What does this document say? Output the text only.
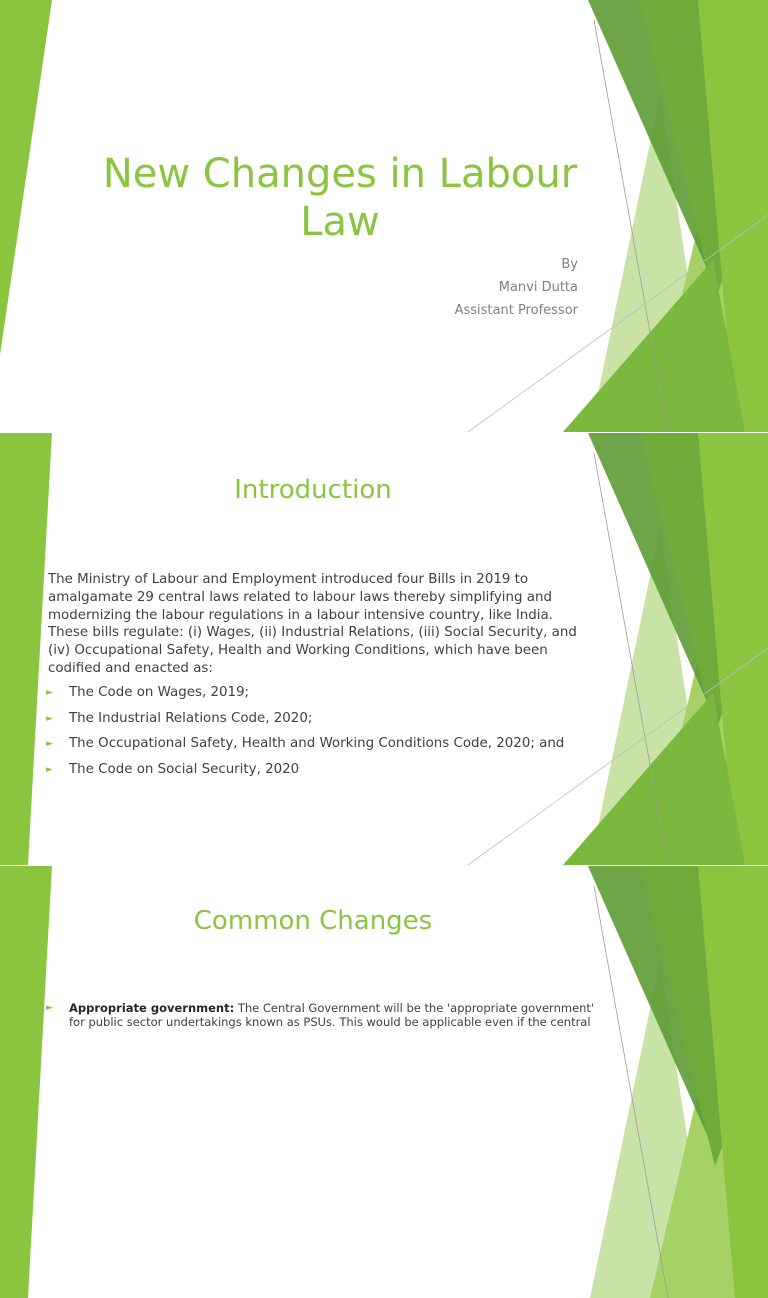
New Changes in Labour Law
By
Manvi Dutta
Assistant Professor
Introduction

The Ministry of Labour and Employment introduced four Bills in 2019 to amalgamate 29 central laws related to labour laws thereby simplifying and modernizing the labour regulations in a labour intensive country, like India. These bills regulate: (i) Wages, (ii) Industrial Relations, (iii) Social Security, and (iv) Occupational Safety, Health and Working Conditions, which have been codified and enacted as:

► The Code on Wages, 2019;
► The Industrial Relations Code, 2020;
► The Occupational Safety, Health and Working Conditions Code, 2020; and
► The Code on Social Security, 2020
Common Changes
► Appropriate government: The Central Government will be the 'appropriate government' for public sector undertakings known as PSUs. This would be applicable even if the central
